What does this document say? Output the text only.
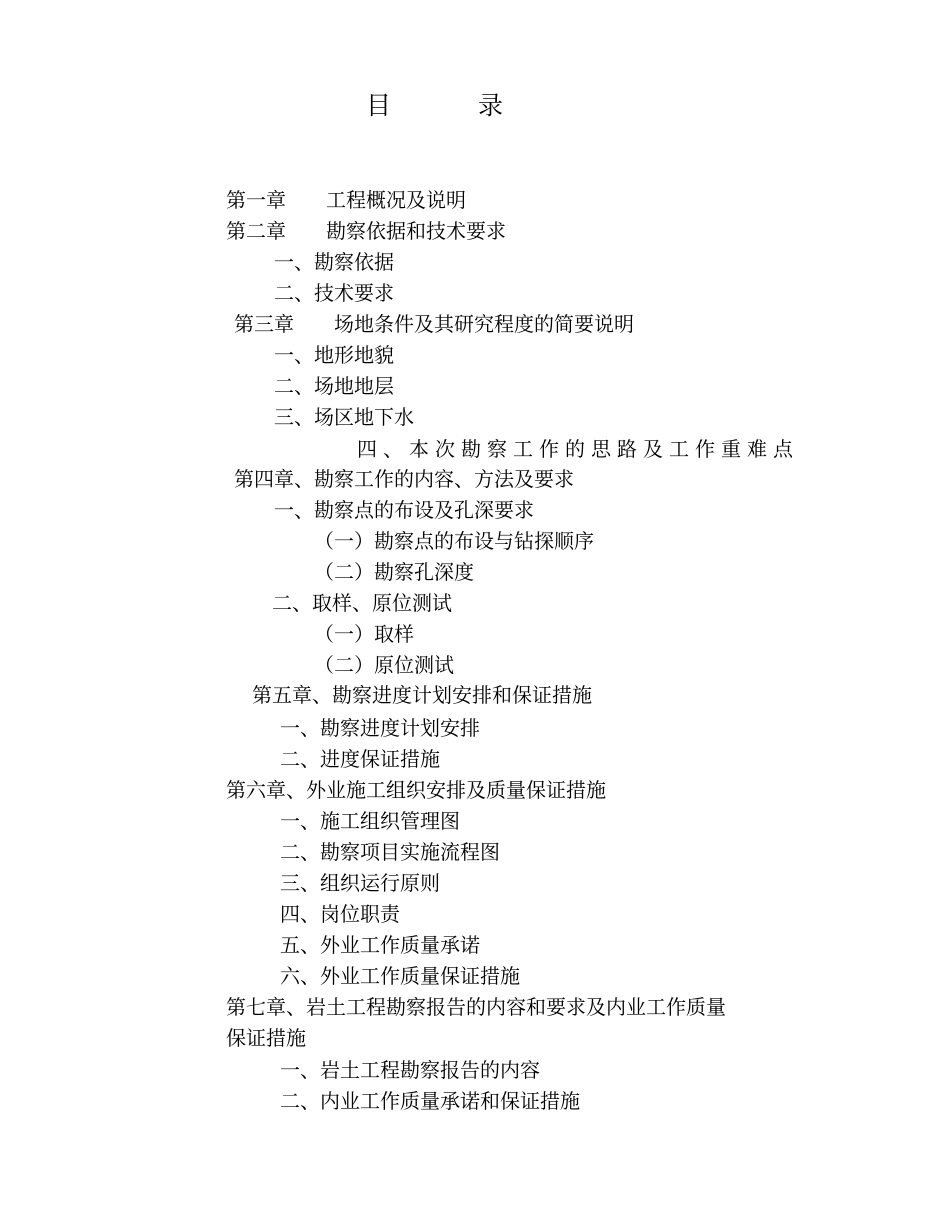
目	录
第一章　　工程概况及说明
第二章　　勘察依据和技术要求
一、勘察依据
二、技术要求
第三章　　场地条件及其研究程度的简要说明
一、地形地貌
二、场地地层
三、场区地下水
四、本次勘察工作的思路及工作重难点
第四章、勘察工作的内容、方法及要求
一、勘察点的布设及孔深要求
（一）勘察点的布设与钻探顺序
（二）勘察孔深度
二、取样、原位测试
（一）取样
（二）原位测试
第五章、勘察进度计划安排和保证措施
一、勘察进度计划安排
二、进度保证措施
第六章、外业施工组织安排及质量保证措施
一、施工组织管理图
二、勘察项目实施流程图
三、组织运行原则
四、岗位职责
五、外业工作质量承诺
六、外业工作质量保证措施
第七章、岩土工程勘察报告的内容和要求及内业工作质量
保证措施
一、岩土工程勘察报告的内容
二、内业工作质量承诺和保证措施
